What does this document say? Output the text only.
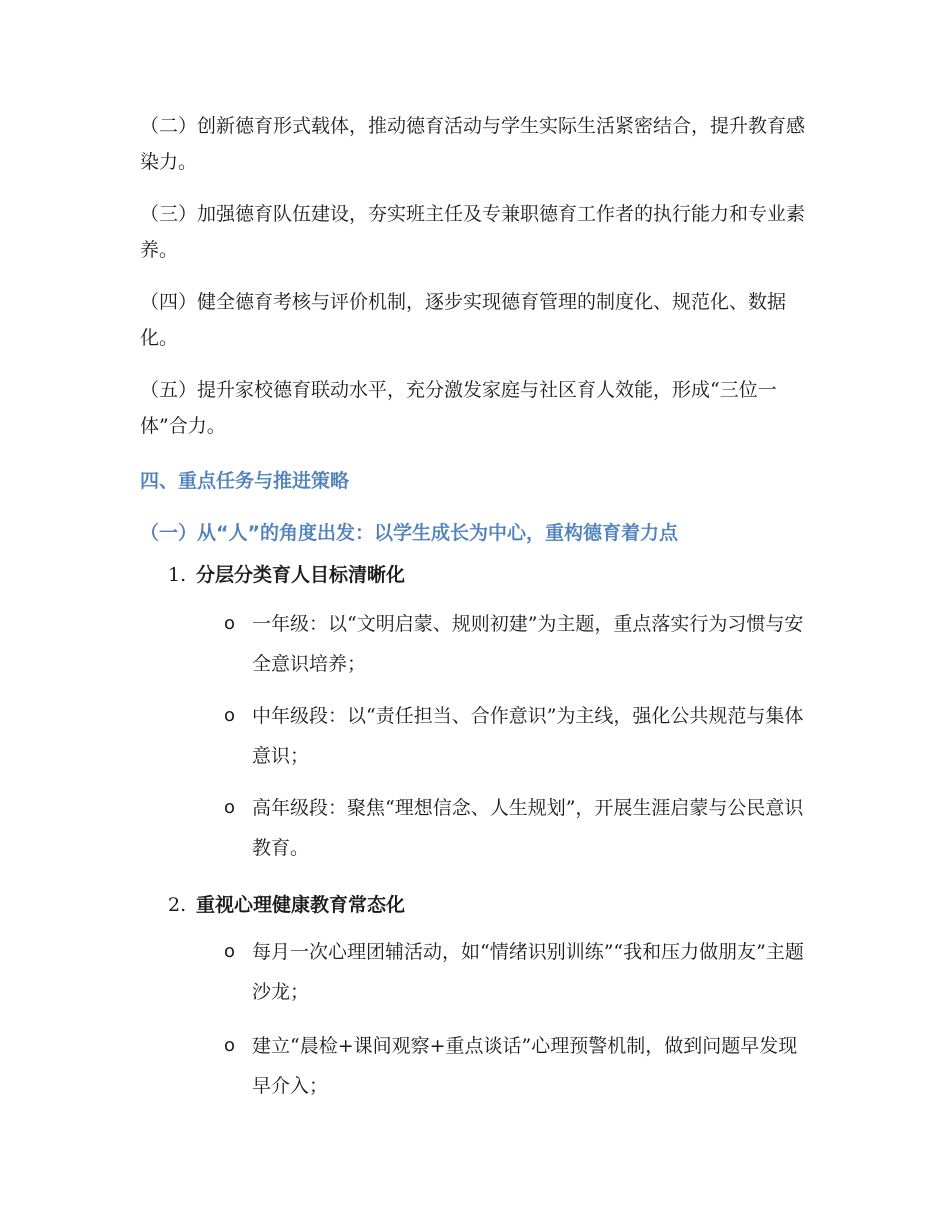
（二）创新德育形式载体，推动德育活动与学生实际生活紧密结合，提升教育感染力。

（三）加强德育队伍建设，夯实班主任及专兼职德育工作者的执行能力和专业素养。

（四）健全德育考核与评价机制，逐步实现德育管理的制度化、规范化、数据化。

（五）提升家校德育联动水平，充分激发家庭与社区育人效能，形成“三位一体”合力。

四、重点任务与推进策略
（一）从“人”的角度出发：以学生成长为中心，重构德育着力点

1. 分层分类育人目标清晰化

o 一年级：以“文明启蒙、规则初建”为主题，重点落实行为习惯与安全意识培养；
o 中年级段：以“责任担当、合作意识”为主线，强化公共规范与集体意识；
o 高年级段：聚焦“理想信念、人生规划”，开展生涯启蒙与公民意识教育。

2. 重视心理健康教育常态化

o 每月一次心理团辅活动，如“情绪识别训练”“我和压力做朋友”主题沙龙；
o 建立“晨检+课间观察+重点谈话”心理预警机制，做到问题早发现早介入；
